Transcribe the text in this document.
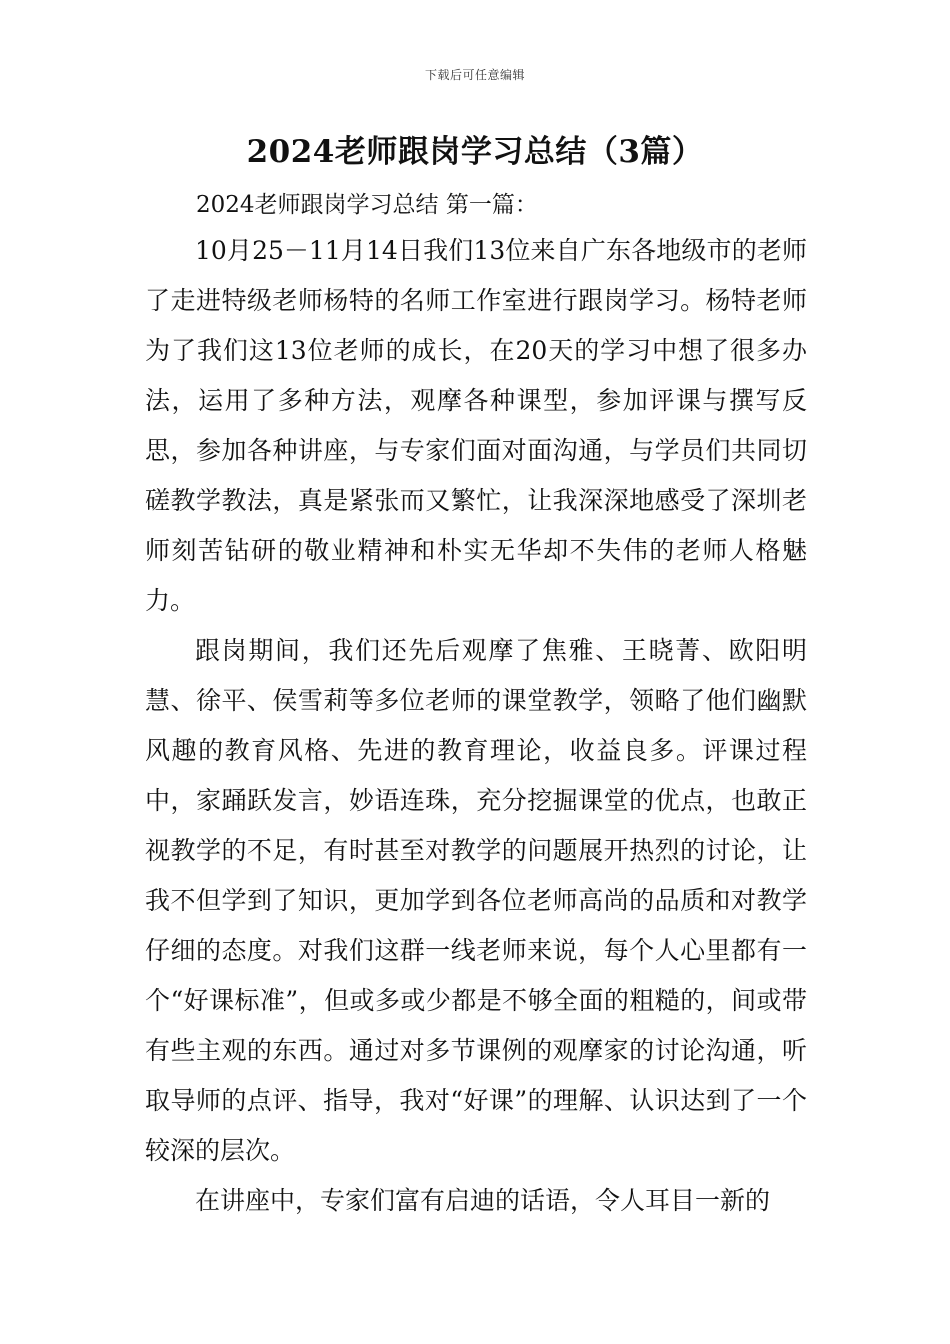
下载后可任意编辑
2024老师跟岗学习总结（3篇）

2024老师跟岗学习总结 第一篇：

10月25－11月14日我们13位来自广东各地级市的老师了走进特级老师杨特的名师工作室进行跟岗学习。杨特老师为了我们这13位老师的成长，在20天的学习中想了很多办法，运用了多种方法，观摩各种课型，参加评课与撰写反思，参加各种讲座，与专家们面对面沟通，与学员们共同切磋教学教法，真是紧张而又繁忙，让我深深地感受了深圳老师刻苦钻研的敬业精神和朴实无华却不失伟的老师人格魅力。

跟岗期间，我们还先后观摩了焦雅、王晓菁、欧阳明慧、徐平、侯雪莉等多位老师的课堂教学，领略了他们幽默风趣的教育风格、先进的教育理论，收益良多。评课过程中，家踊跃发言，妙语连珠，充分挖掘课堂的优点，也敢正视教学的不足，有时甚至对教学的问题展开热烈的讨论，让我不但学到了知识，更加学到各位老师高尚的品质和对教学仔细的态度。对我们这群一线老师来说，每个人心里都有一个“好课标准”，但或多或少都是不够全面的粗糙的，间或带有些主观的东西。通过对多节课例的观摩家的讨论沟通，听取导师的点评、指导，我对“好课”的理解、认识达到了一个较深的层次。

在讲座中，专家们富有启迪的话语，令人耳目一新的
